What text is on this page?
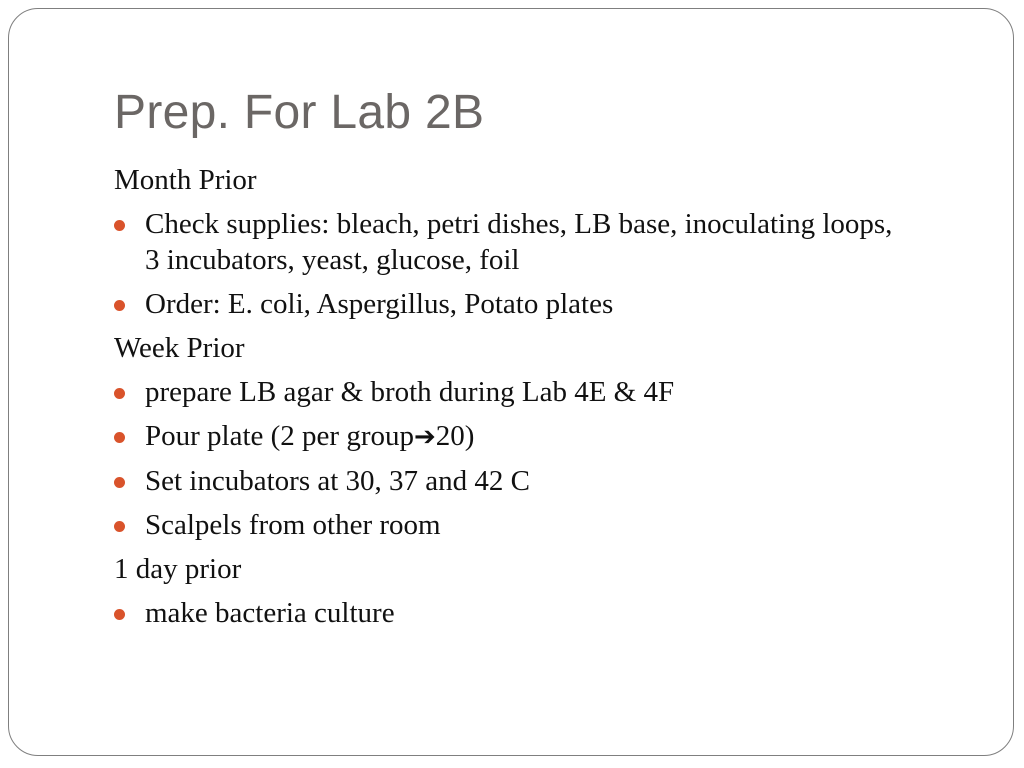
Prep. For Lab 2B
Month Prior
Check supplies: bleach, petri dishes, LB base, inoculating loops, 3 incubators, yeast, glucose, foil
Order: E. coli, Aspergillus, Potato plates
Week Prior
prepare LB agar & broth during Lab 4E & 4F
Pour plate (2 per group➔20)
Set incubators at 30, 37 and 42 C
Scalpels from other room
1 day prior
make bacteria culture
